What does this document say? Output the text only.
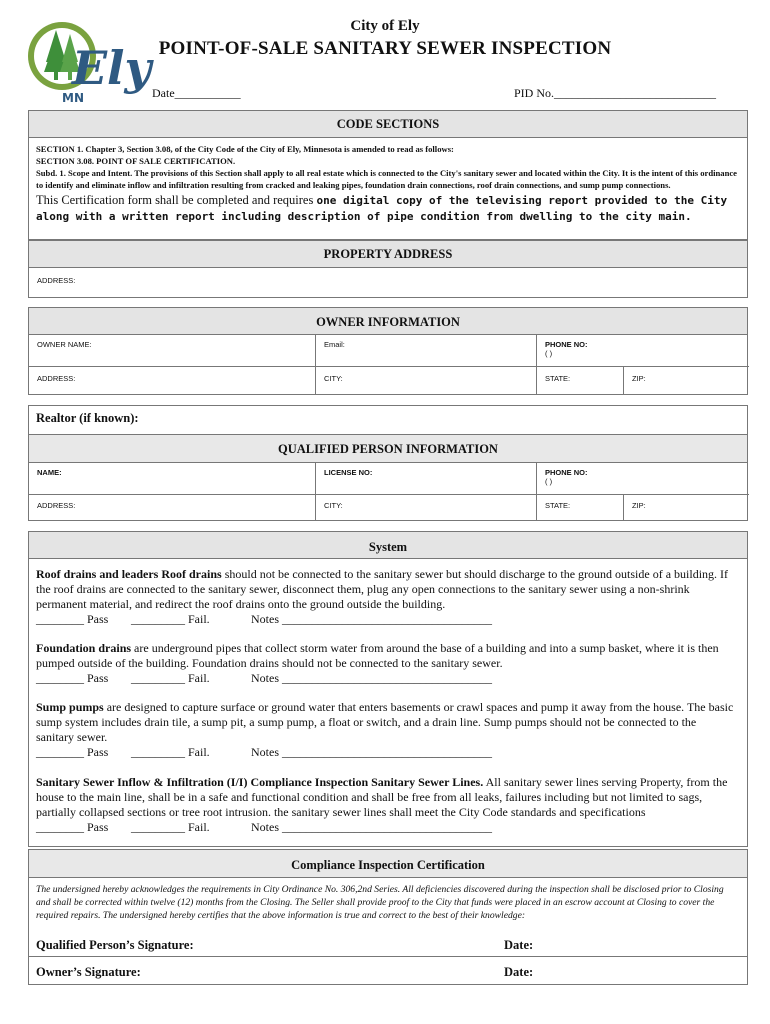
Ely
MN
City of Ely
POINT-OF-SALE SANITARY SEWER INSPECTION
Date___________	PID No.___________________________
CODE SECTIONS
SECTION 1. Chapter 3, Section 3.08, of the City Code of the City of Ely, Minnesota is amended to read as follows:
SECTION 3.08. POINT OF SALE CERTIFICATION.
Subd. 1. Scope and Intent. The provisions of this Section shall apply to all real estate which is connected to the City's sanitary sewer and located within the City. It is the intent of this ordinance to identify and eliminate inflow and infiltration resulting from cracked and leaking pipes, foundation drain connections, roof drain connections, and sump pump connections.
This Certification form shall be completed and requires one digital copy of the televising report provided to the City along with a written report including description of pipe condition from dwelling to the city main.
PROPERTY ADDRESS
ADDRESS:
OWNER INFORMATION
OWNER NAME:	Email:	PHONE NO:
( )
ADDRESS:	CITY:	STATE:	ZIP:
Realtor (if known):
QUALIFIED PERSON INFORMATION
NAME:	LICENSE NO:	PHONE NO:
( )
ADDRESS:	CITY:	STATE:	ZIP:
System
Roof drains and leaders Roof drains should not be connected to the sanitary sewer but should discharge to the ground outside of a building. If the roof drains are connected to the sanitary sewer, disconnect them, plug any open connections to the sanitary sewer using a non-shrink permanent material, and redirect the roof drains onto the ground outside the building.
________ Pass _________ Fail.	Notes ___________________________________
Foundation drains are underground pipes that collect storm water from around the base of a building and into a sump basket, where it is then pumped outside of the building. Foundation drains should not be connected to the sanitary sewer.
________ Pass _________ Fail.	Notes ___________________________________
Sump pumps are designed to capture surface or ground water that enters basements or crawl spaces and pump it away from the house. The basic sump system includes drain tile, a sump pit, a sump pump, a float or switch, and a drain line. Sump pumps should not be connected to the sanitary sewer.
________ Pass _________ Fail.	Notes ___________________________________
Sanitary Sewer Inflow & Infiltration (I/I) Compliance Inspection Sanitary Sewer Lines. All sanitary sewer lines serving Property, from the house to the main line, shall be in a safe and functional condition and shall be free from all leaks, failures including but not limited to sags, partially collapsed sections or tree root intrusion. the sanitary sewer lines shall meet the City Code standards and specifications
________ Pass _________ Fail.	Notes ___________________________________
Compliance Inspection Certification
The undersigned hereby acknowledges the requirements in City Ordinance No. 306,2nd Series. All deficiencies discovered during the inspection shall be disclosed prior to Closing and shall be corrected within twelve (12) months from the Closing. The Seller shall provide proof to the City that funds were placed in an escrow account at Closing to cover the required repairs. The undersigned hereby certifies that the above information is true and correct to the best of their knowledge:
Qualified Person’s Signature:	Date:
Owner’s Signature:	Date:
